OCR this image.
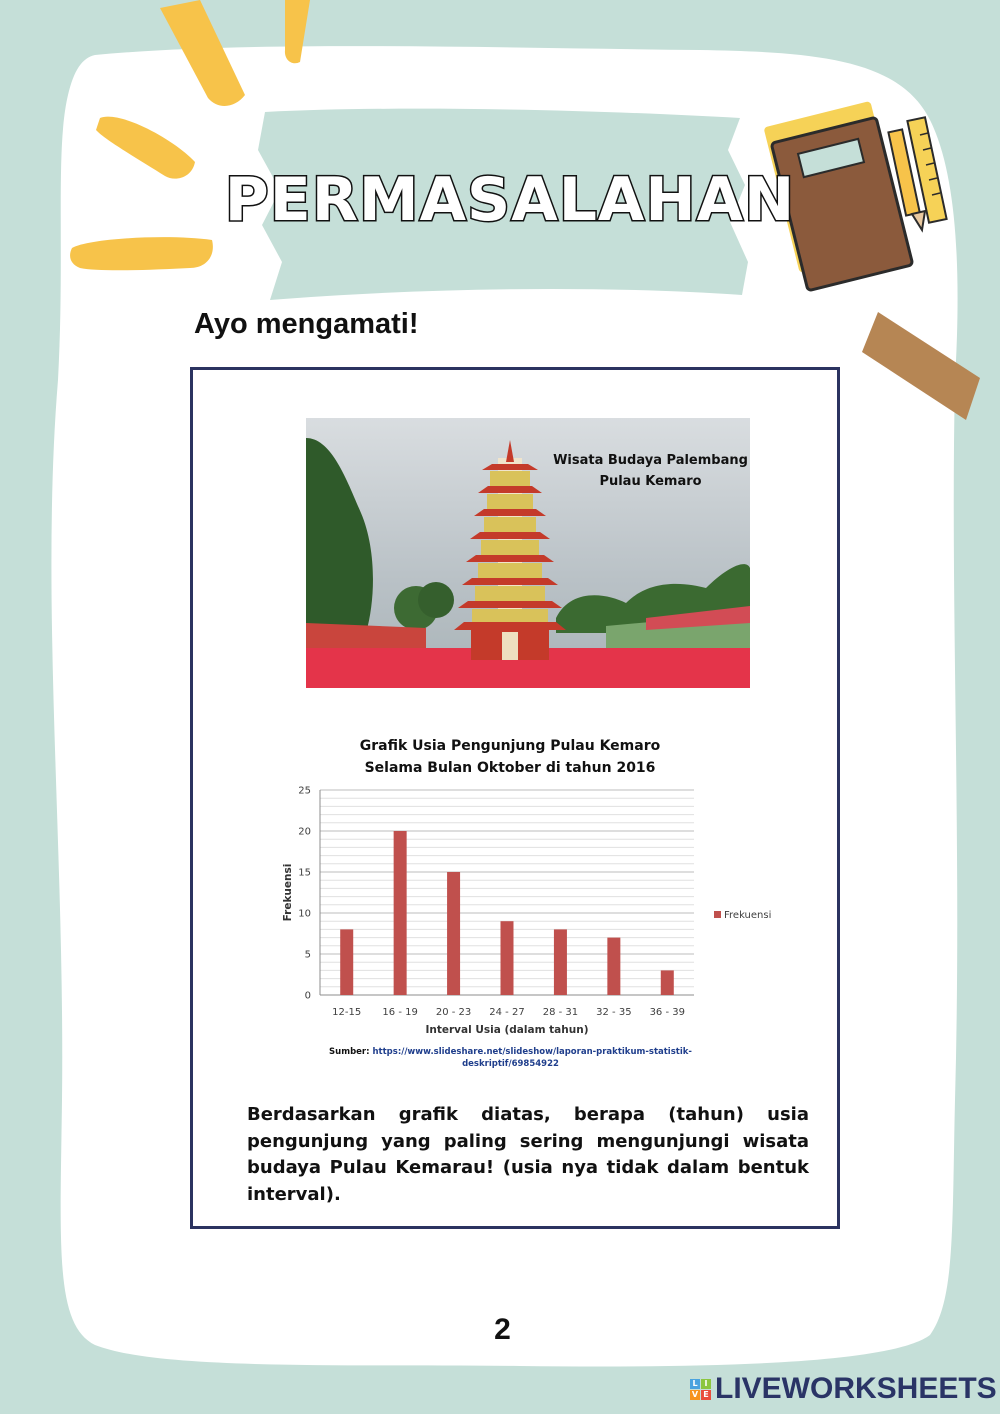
PERMASALAHAN
Ayo mengamati!
Wisata Budaya Palembang
Pulau Kemaro
Grafik Usia Pengunjung Pulau Kemaro
Selama Bulan Oktober di tahun 2016
0
5
10
15
20
25
12-15 16 - 19 20 - 23 24 - 27 28 - 31 32 - 35 36 - 39
Interval Usia (dalam tahun)
Frekuensi	Frekuensi
Sumber: https://www.slideshare.net/slideshow/laporan-praktikum-statistik-
deskriptif/69854922
Berdasarkan grafik diatas, berapa (tahun) usia pengunjung yang paling sering mengunjungi wisata budaya Pulau Kemarau! (usia nya tidak dalam bentuk interval).
2
L I
V E LIVEWORKSHEETS
